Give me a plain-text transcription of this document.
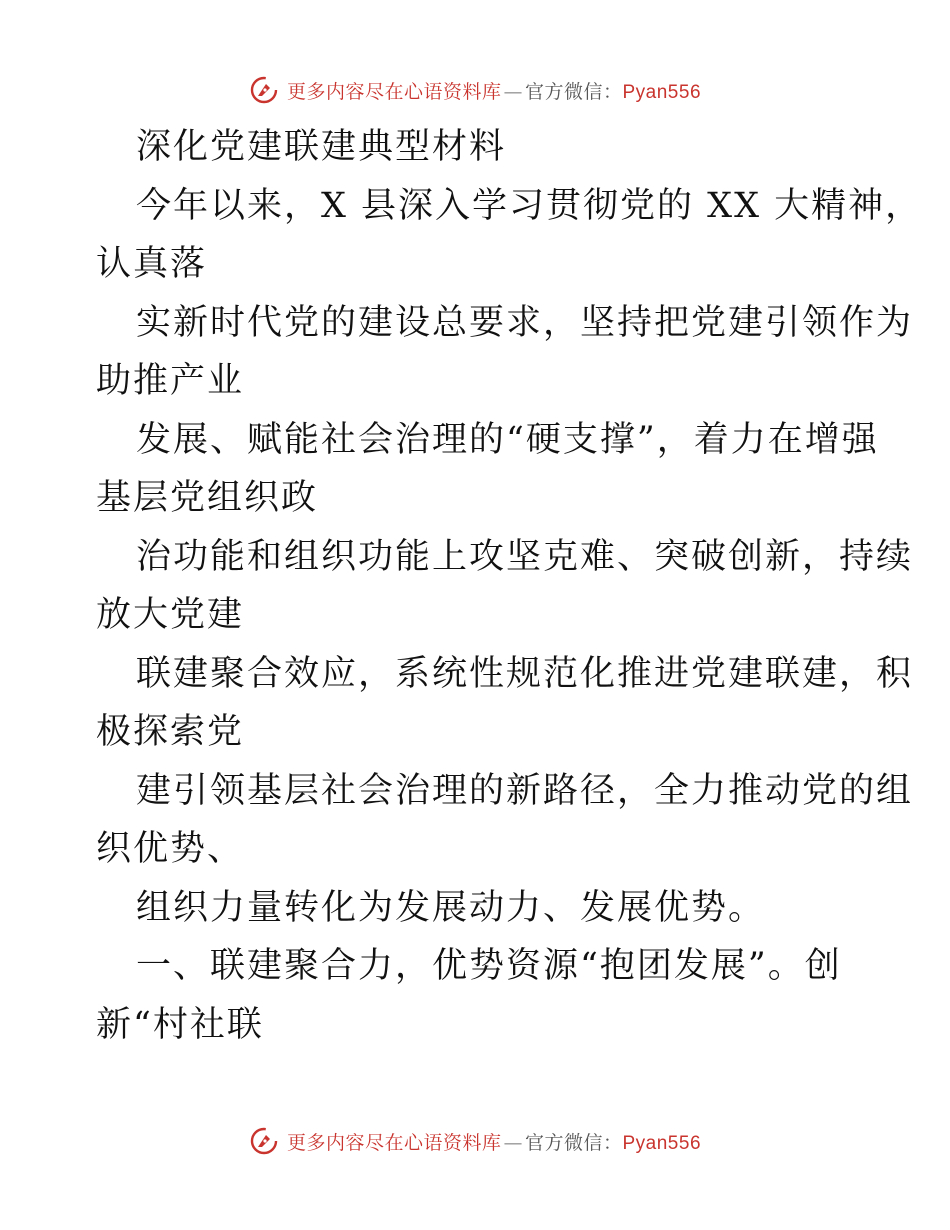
更多内容尽在心语资料库 — 官方微信：Pyan556
深化党建联建典型材料
今年以来，X 县深入学习贯彻党的 XX 大精神，
认真落
实新时代党的建设总要求，坚持把党建引领作为
助推产业
发展、赋能社会治理的“硬支撑”，着力在增强
基层党组织政
治功能和组织功能上攻坚克难、突破创新，持续
放大党建
联建聚合效应，系统性规范化推进党建联建，积
极探索党
建引领基层社会治理的新路径，全力推动党的组
织优势、
组织力量转化为发展动力、发展优势。
一、联建聚合力，优势资源“抱团发展”。创
新“村社联
更多内容尽在心语资料库 — 官方微信：Pyan556
